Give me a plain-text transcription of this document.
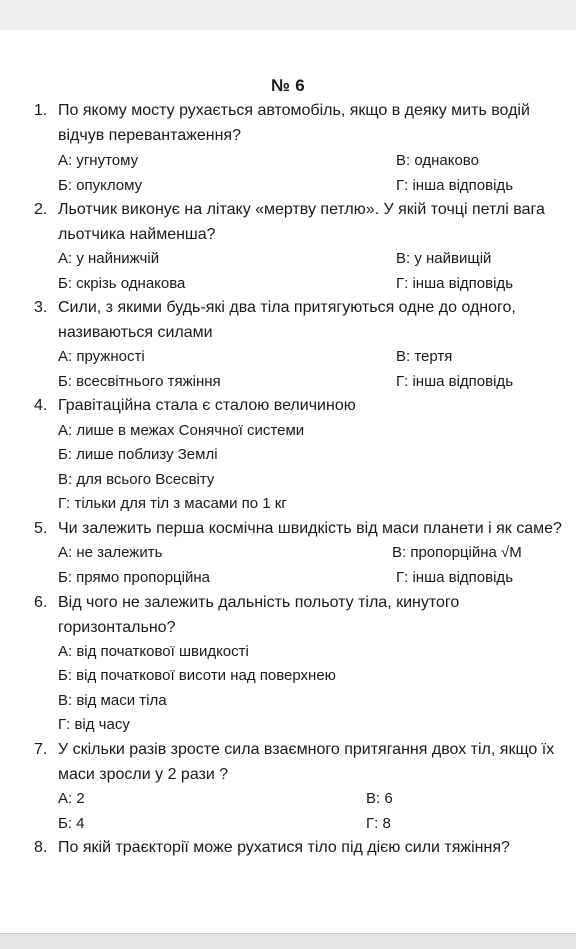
№ 6
1. По якому мосту рухається автомобіль, якщо в деяку мить водій
відчув перевантаження?
А: угнутому	В: однаково
Б: опуклому	Г: інша відповідь
2. Льотчик виконує на літаку «мертву петлю». У якій точці петлі вага
льотчика найменша?
А: у найнижчій	В: у найвищій
Б: скрізь однакова	Г: інша відповідь
3. Сили, з якими будь-які два тіла притягуються одне до одного,
називаються силами
А: пружності	В: тертя
Б: всесвітнього тяжіння	Г: інша відповідь
4. Гравітаційна стала є сталою величиною
А: лише в межах Сонячної системи
Б: лише поблизу Землі
В: для всього Всесвіту
Г: тільки для тіл з масами по 1 кг
5. Чи залежить перша космічна швидкість від маси планети і як саме?
А: не залежить	В: пропорційна √M
Б: прямо пропорційна	Г: інша відповідь
6. Від чого не залежить дальність польоту тіла, кинутого
горизонтально?
А: від початкової швидкості
Б: від початкової висоти над поверхнею
В: від маси тіла
Г: від часу
7. У скільки разів зросте сила взаємного притягання двох тіл, якщо їх
маси зросли у 2 рази ?
А: 2	В: 6
Б: 4	Г: 8
8. По якій траєкторії може рухатися тіло під дією сили тяжіння?
